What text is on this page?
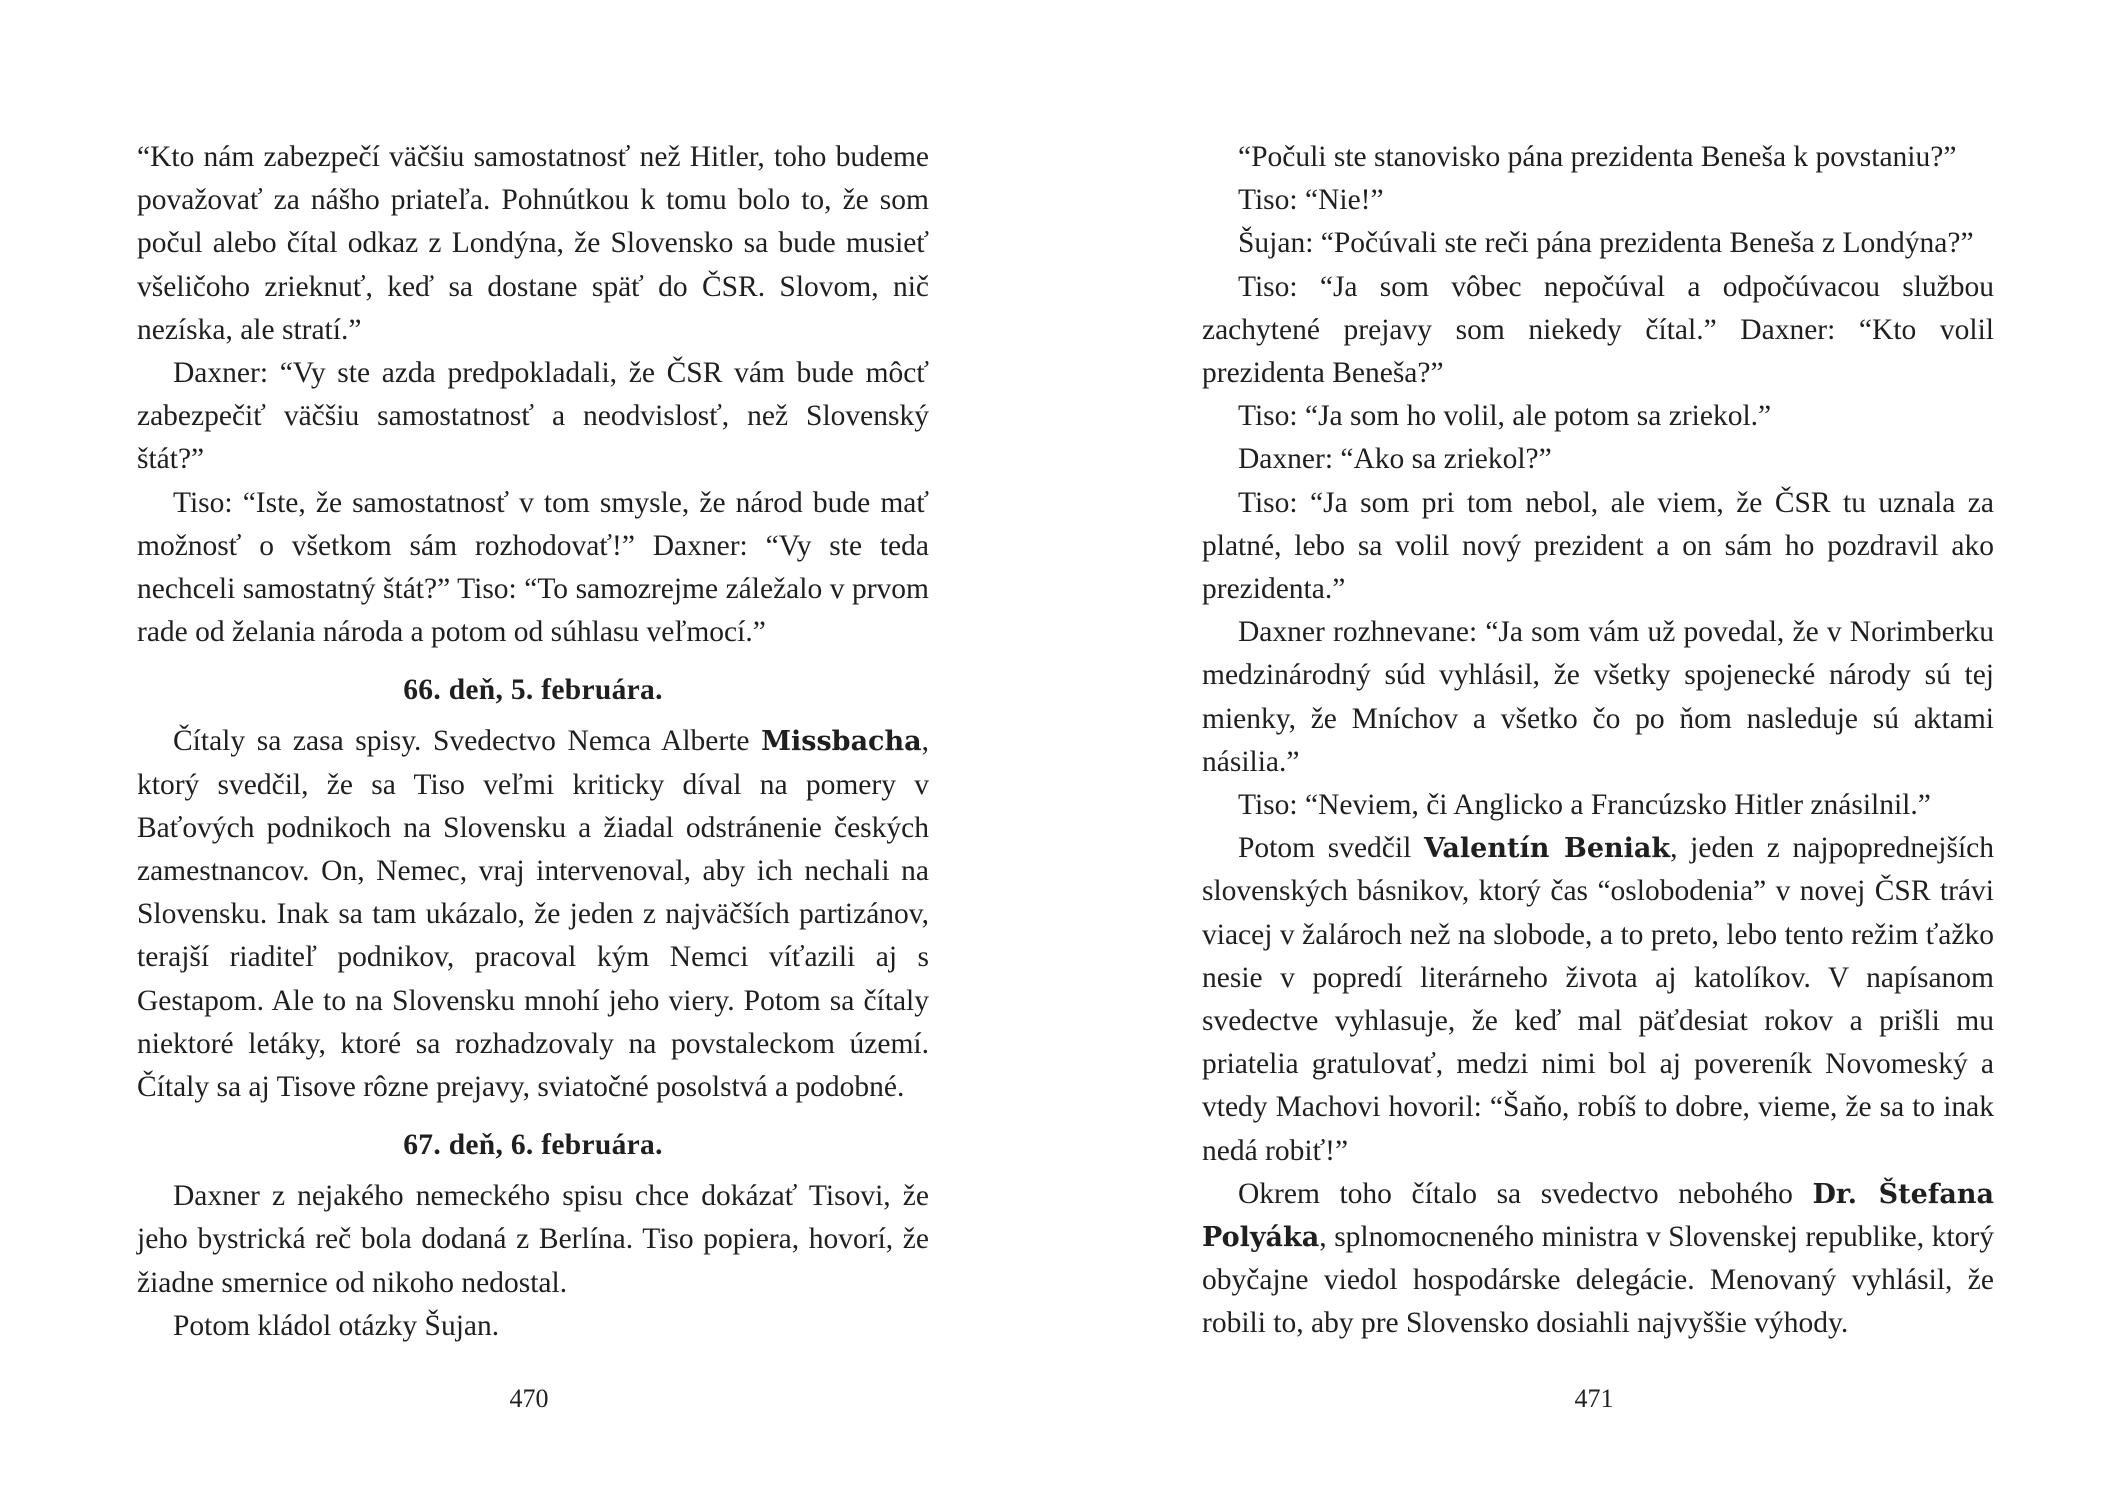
“Kto nám zabezpečí väčšiu samostatnosť než Hitler, toho budeme považovať za nášho priateľa. Pohnútkou k tomu bolo to, že som počul alebo čítal odkaz z Londýna, že Slovensko sa bude musieť všeličoho zrieknuť, keď sa dostane späť do ČSR. Slovom, nič nezíska, ale stratí.”

Daxner: “Vy ste azda predpokladali, že ČSR vám bude môcť zabezpečiť väčšiu samostatnosť a neodvislosť, než Slovenský štát?”

Tiso: “Iste, že samostatnosť v tom smysle, že národ bude mať možnosť o všetkom sám rozhodovať!” Daxner: “Vy ste teda nechceli samostatný štát?” Tiso: “To samozrejme záležalo v prvom rade od želania národa a potom od súhlasu veľmocí.”

66. deň, 5. februára.

Čítaly sa zasa spisy. Svedectvo Nemca Alberte Missbacha, ktorý svedčil, že sa Tiso veľmi kriticky díval na pomery v Baťových podnikoch na Slovensku a žiadal odstránenie českých zamestnancov. On, Nemec, vraj intervenoval, aby ich nechali na Slovensku. Inak sa tam ukázalo, že jeden z najväčších partizánov, terajší riaditeľ podnikov, pracoval kým Nemci víťazili aj s Gestapom. Ale to na Slovensku mnohí jeho viery. Potom sa čítaly niektoré letáky, ktoré sa rozhadzovaly na povstaleckom území. Čítaly sa aj Tisove rôzne prejavy, sviatočné posolstvá a podobné.

67. deň, 6. februára.

Daxner z nejakého nemeckého spisu chce dokázať Tisovi, že jeho bystrická reč bola dodaná z Berlína. Tiso popiera, hovorí, že žiadne smernice od nikoho nedostal.

Potom kládol otázky Šujan.

470

“Počuli ste stanovisko pána prezidenta Beneša k povstaniu?”

Tiso: “Nie!”

Šujan: “Počúvali ste reči pána prezidenta Beneša z Londýna?”

Tiso: “Ja som vôbec nepočúval a odpočúvacou službou zachytené prejavy som niekedy čítal.” Daxner: “Kto volil prezidenta Beneša?”

Tiso: “Ja som ho volil, ale potom sa zriekol.”

Daxner: “Ako sa zriekol?”

Tiso: “Ja som pri tom nebol, ale viem, že ČSR tu uznala za platné, lebo sa volil nový prezident a on sám ho pozdravil ako prezidenta.”

Daxner rozhnevane: “Ja som vám už povedal, že v Norimberku medzinárodný súd vyhlásil, že všetky spojenecké národy sú tej mienky, že Mníchov a všetko čo po ňom nasleduje sú aktami násilia.”

Tiso: “Neviem, či Anglicko a Francúzsko Hitler znásilnil.”

Potom svedčil Valentín Beniak, jeden z najpoprednejších slovenských básnikov, ktorý čas “oslobodenia” v novej ČSR trávi viacej v žalároch než na slobode, a to preto, lebo tento režim ťažko nesie v popredí literárneho života aj katolíkov. V napísanom svedectve vyhlasuje, že keď mal päťdesiat rokov a prišli mu priatelia gratulovať, medzi nimi bol aj povereník Novomeský a vtedy Machovi hovoril: “Šaňo, robíš to dobre, vieme, že sa to inak nedá robiť!”

Okrem toho čítalo sa svedectvo nebohého Dr. Štefana Polyáka, splnomocneného ministra v Slovenskej republike, ktorý obyčajne viedol hospodárske delegácie. Menovaný vyhlásil, že robili to, aby pre Slovensko dosiahli najvyššie výhody.

471
